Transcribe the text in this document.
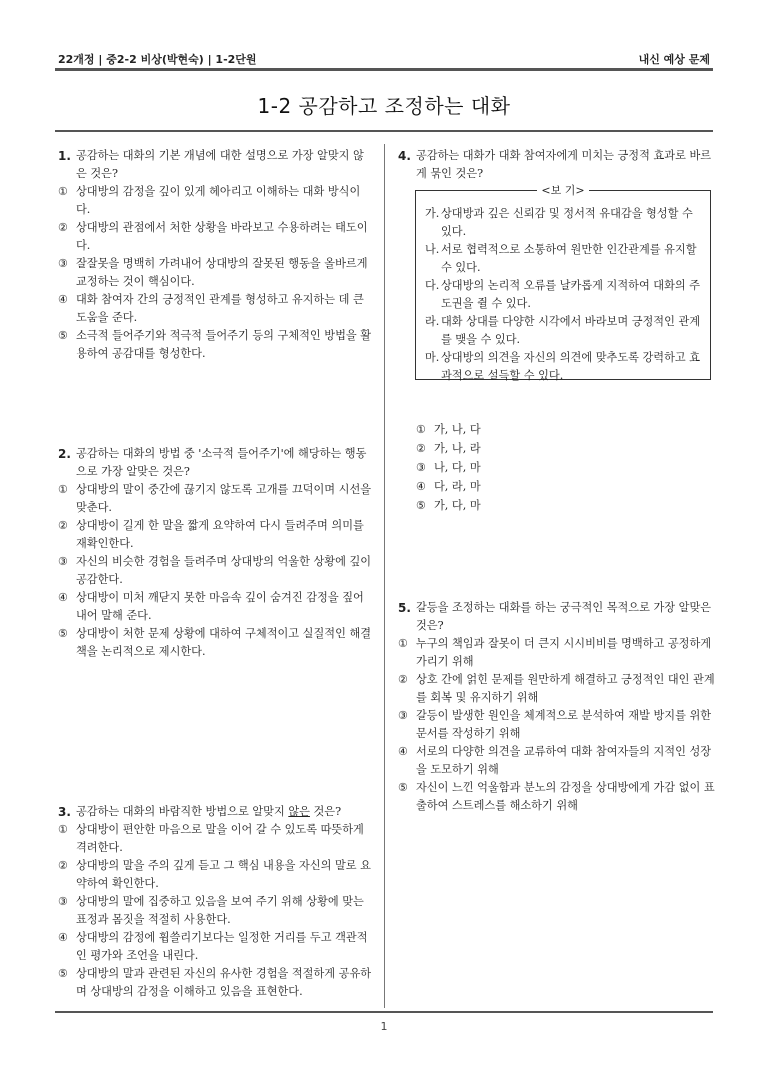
22개정 | 중2-2 비상(박현숙) | 1-2단원	내신 예상 문제
1-2 공감하고 조정하는 대화
1. 공감하는 대화의 기본 개념에 대한 설명으로 가장 알맞지 않은 것은?
① 상대방의 감정을 깊이 있게 헤아리고 이해하는 대화 방식이다.
② 상대방의 관점에서 처한 상황을 바라보고 수용하려는 태도이다.
③ 잘잘못을 명백히 가려내어 상대방의 잘못된 행동을 올바르게 교정하는 것이 핵심이다.
④ 대화 참여자 간의 긍정적인 관계를 형성하고 유지하는 데 큰 도움을 준다.
⑤ 소극적 들어주기와 적극적 들어주기 등의 구체적인 방법을 활용하여 공감대를 형성한다.
2. 공감하는 대화의 방법 중 '소극적 들어주기'에 해당하는 행동으로 가장 알맞은 것은?
① 상대방의 말이 중간에 끊기지 않도록 고개를 끄덕이며 시선을 맞춘다.
② 상대방이 길게 한 말을 짧게 요약하여 다시 들려주며 의미를 재확인한다.
③ 자신의 비슷한 경험을 들려주며 상대방의 억울한 상황에 깊이 공감한다.
④ 상대방이 미처 깨닫지 못한 마음속 깊이 숨겨진 감정을 짚어 내어 말해 준다.
⑤ 상대방이 처한 문제 상황에 대하여 구체적이고 실질적인 해결책을 논리적으로 제시한다.
3. 공감하는 대화의 바람직한 방법으로 알맞지 않은 것은?
① 상대방이 편안한 마음으로 말을 이어 갈 수 있도록 따뜻하게 격려한다.
② 상대방의 말을 주의 깊게 듣고 그 핵심 내용을 자신의 말로 요약하여 확인한다.
③ 상대방의 말에 집중하고 있음을 보여 주기 위해 상황에 맞는 표정과 몸짓을 적절히 사용한다.
④ 상대방의 감정에 휩쓸리기보다는 일정한 거리를 두고 객관적인 평가와 조언을 내린다.
⑤ 상대방의 말과 관련된 자신의 유사한 경험을 적절하게 공유하며 상대방의 감정을 이해하고 있음을 표현한다.
4. 공감하는 대화가 대화 참여자에게 미치는 긍정적 효과로 바르게 묶인 것은?
<보 기>
가. 상대방과 깊은 신뢰감 및 정서적 유대감을 형성할 수 있다.
나. 서로 협력적으로 소통하여 원만한 인간관계를 유지할 수 있다.
다. 상대방의 논리적 오류를 날카롭게 지적하여 대화의 주도권을 쥘 수 있다.
라. 대화 상대를 다양한 시각에서 바라보며 긍정적인 관계를 맺을 수 있다.
마. 상대방의 의견을 자신의 의견에 맞추도록 강력하고 효과적으로 설득할 수 있다.
① 가, 나, 다
② 가, 나, 라
③ 나, 다, 마
④ 다, 라, 마
⑤ 가, 다, 마
5. 갈등을 조정하는 대화를 하는 궁극적인 목적으로 가장 알맞은 것은?
① 누구의 책임과 잘못이 더 큰지 시시비비를 명백하고 공정하게 가리기 위해
② 상호 간에 얽힌 문제를 원만하게 해결하고 긍정적인 대인 관계를 회복 및 유지하기 위해
③ 갈등이 발생한 원인을 체계적으로 분석하여 재발 방지를 위한 문서를 작성하기 위해
④ 서로의 다양한 의견을 교류하여 대화 참여자들의 지적인 성장을 도모하기 위해
⑤ 자신이 느낀 억울함과 분노의 감정을 상대방에게 가감 없이 표출하여 스트레스를 해소하기 위해
1
